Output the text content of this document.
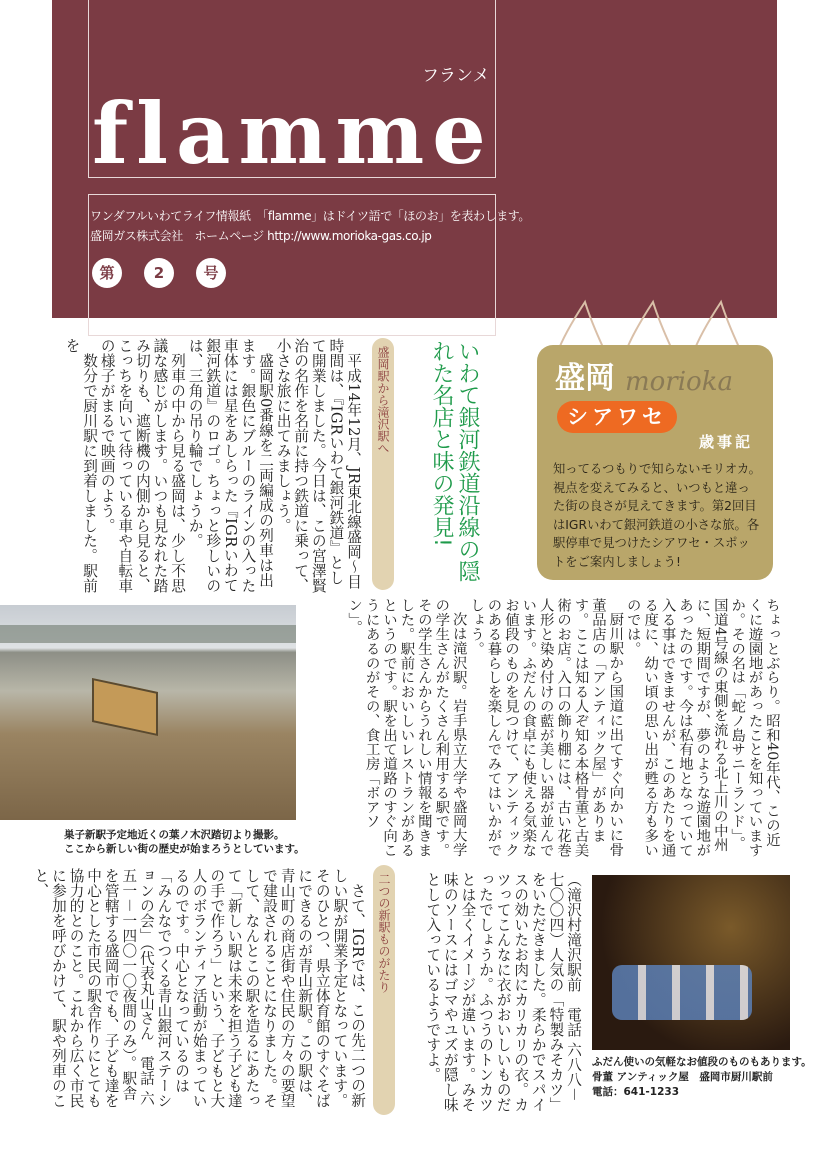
フランメ
flamme
ワンダフルいわてライフ情報紙　「flamme」はドイツ語で「ほのお」を表わします。
盛岡ガス株式会社　ホームページ http://www.morioka-gas.co.jp
第	2	号

平成14年12月、JR東北線盛岡～目時間は、『IGRいわて銀河鉄道』として開業しました。今日は、この宮澤賢治の名作を名前に持つ鉄道に乗って、小さな旅に出てみましょう。

盛岡駅0番線を二両編成の列車は出ます。銀色にブルーのラインの入った車体には星をあしらった『IGRいわて銀河鉄道』のロゴ。ちょっと珍しいのは、三角の吊り輪でしょうか。

列車の中から見る盛岡は、少し不思議な感じがします。いつも見なれた踏み切りも、遮断機の内側から見ると、こっちを向いて待っている車や自転車の様子がまるで映画のよう。

数分で厨川駅に到着しました。駅前を

盛岡駅から滝沢駅へ	いわて銀河鉄道沿線の隠れた名店と味の発見!	盛岡 morioka
シアワセ
歳事記
知ってるつもりで知らないモリオカ。視点を変えてみると、いつもと違った街の良さが見えてきます。第2回目はIGRいわて銀河鉄道の小さな旅。各駅停車で見つけたシアワセ・スポットをご案内しましょう!
巣子新駅予定地近くの葉ノ木沢踏切より撮影。
ここから新しい街の歴史が始まろうとしています。

ちょっとぶらり。昭和40年代、この近くに遊園地があったことを知っていますか。その名は「蛇ノ島サニーランド」。国道4号線の東側を流れる北上川の中州に、短期間ですが、夢のような遊園地があったのです。今は私有地となっていて入る事はできませんが、このあたりを通る度に、幼い頃の思い出が甦る方も多いのでは。

厨川駅から国道に出てすぐ向かいに骨董品店の「アンティック屋」があります。ここは知る人ぞ知る本格骨董と古美術のお店。入口の飾り棚には、古い花巻人形と染め付けの藍が美しい器が並んでいます。ふだんの食卓にも使える気楽なお値段のものを見つけて、アンティックのある暮らしを楽しんでみてはいかがでしょう。

次は滝沢駅。岩手県立大学や盛岡大学の学生さんがたくさん利用する駅です。その学生さんからうれしい情報を聞きました。駅前においしいレストランがあるというのです。駅を出て道路のすぐ向こうにあるのがその、食工房「ボアソン」。

（滝沢村滝沢駅前　電話 六八八－七〇〇四）人気の「特製みそカツ」をいただきました。柔らかでスパイスの効いたお肉にカリカリの衣。カツってこんなに衣がおいしいものだったでしょうか。ふつうのトンカツとは全くイメージが違います。みそ味のソースにはゴマやユズが隠し味として入っているようですよ。	ふだん使いの気軽なお値段のものもあります。
骨董 アンティック屋　盛岡市厨川駅前
電話：641-1233
二つの新駅ものがたり

さて、IGRでは、この先二つの新しい駅が開業予定となっています。そのひとつ、県立体育館のすぐそばにできるのが青山新駅。この駅は、青山町の商店街や住民の方々の要望で建設されることになりました。そして、なんとこの駅を造るにあたって「新しい駅は未来を担う子ども達の手で作ろう」という、子どもと大人のボランティア活動が始まっているのです。中心となっているのは「みんなでつくる青山銀河ステーションの会」（代表丸山さん　電話 六五一－一四〇一〇夜間のみ）。駅舎を管轄する盛岡市でも、子ども達を中心とした市民の駅舎作りにとても協力的とのこと。これから広く市民に参加を呼びかけて、駅や列車のこと、
